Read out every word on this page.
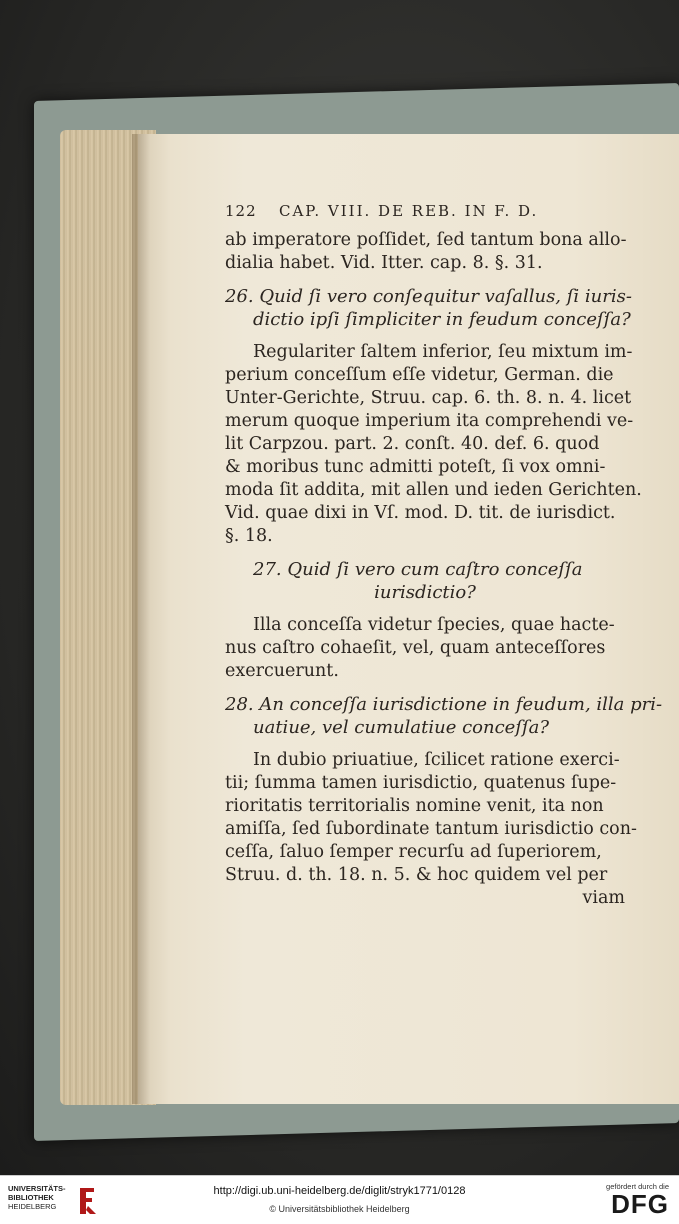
122	CAP. VIII. DE REB. IN F. D.
ab imperatore poſſidet, ſed tantum bona allo-
dialia habet. Vid. Itter. cap. 8. §. 31.
26. Quid ſi vero conſequitur vaſallus, ſi iuris-
dictio ipſi ſimpliciter in feudum conceſſa?
Regulariter ſaltem inferior, ſeu mixtum im-
perium conceſſum eſſe videtur, German. die
Unter-Gerichte, Struu. cap. 6. th. 8. n. 4. licet
merum quoque imperium ita comprehendi ve-
lit Carpzou. part. 2. conſt. 40. def. 6. quod
& moribus tunc admitti poteſt, ſi vox omni-
moda ſit addita, mit allen und ieden Gerichten.
Vid. quae dixi in Vſ. mod. D. tit. de iurisdict.
§. 18.
27. Quid ſi vero cum caſtro conceſſa
iurisdictio?
Illa conceſſa videtur ſpecies, quae hacte-
nus caſtro cohaeſit, vel, quam anteceſſores
exercuerunt.
28. An conceſſa iurisdictione in feudum, illa pri-
uatiue, vel cumulatiue conceſſa?
In dubio priuatiue, ſcilicet ratione exerci-
tii; ſumma tamen iurisdictio, quatenus ſupe-
rioritatis territorialis nomine venit, ita non
amiſſa, ſed ſubordinate tantum iurisdictio con-
ceſſa, ſaluo ſemper recurſu ad ſuperiorem,
Struu. d. th. 18. n. 5. & hoc quidem vel per
viam
UNIVERSITÄTS-
BIBLIOTHEK
HEIDELBERG
http://digi.ub.uni-heidelberg.de/diglit/stryk1771/0128
© Universitätsbibliothek Heidelberg
gefördert durch die
DFG
